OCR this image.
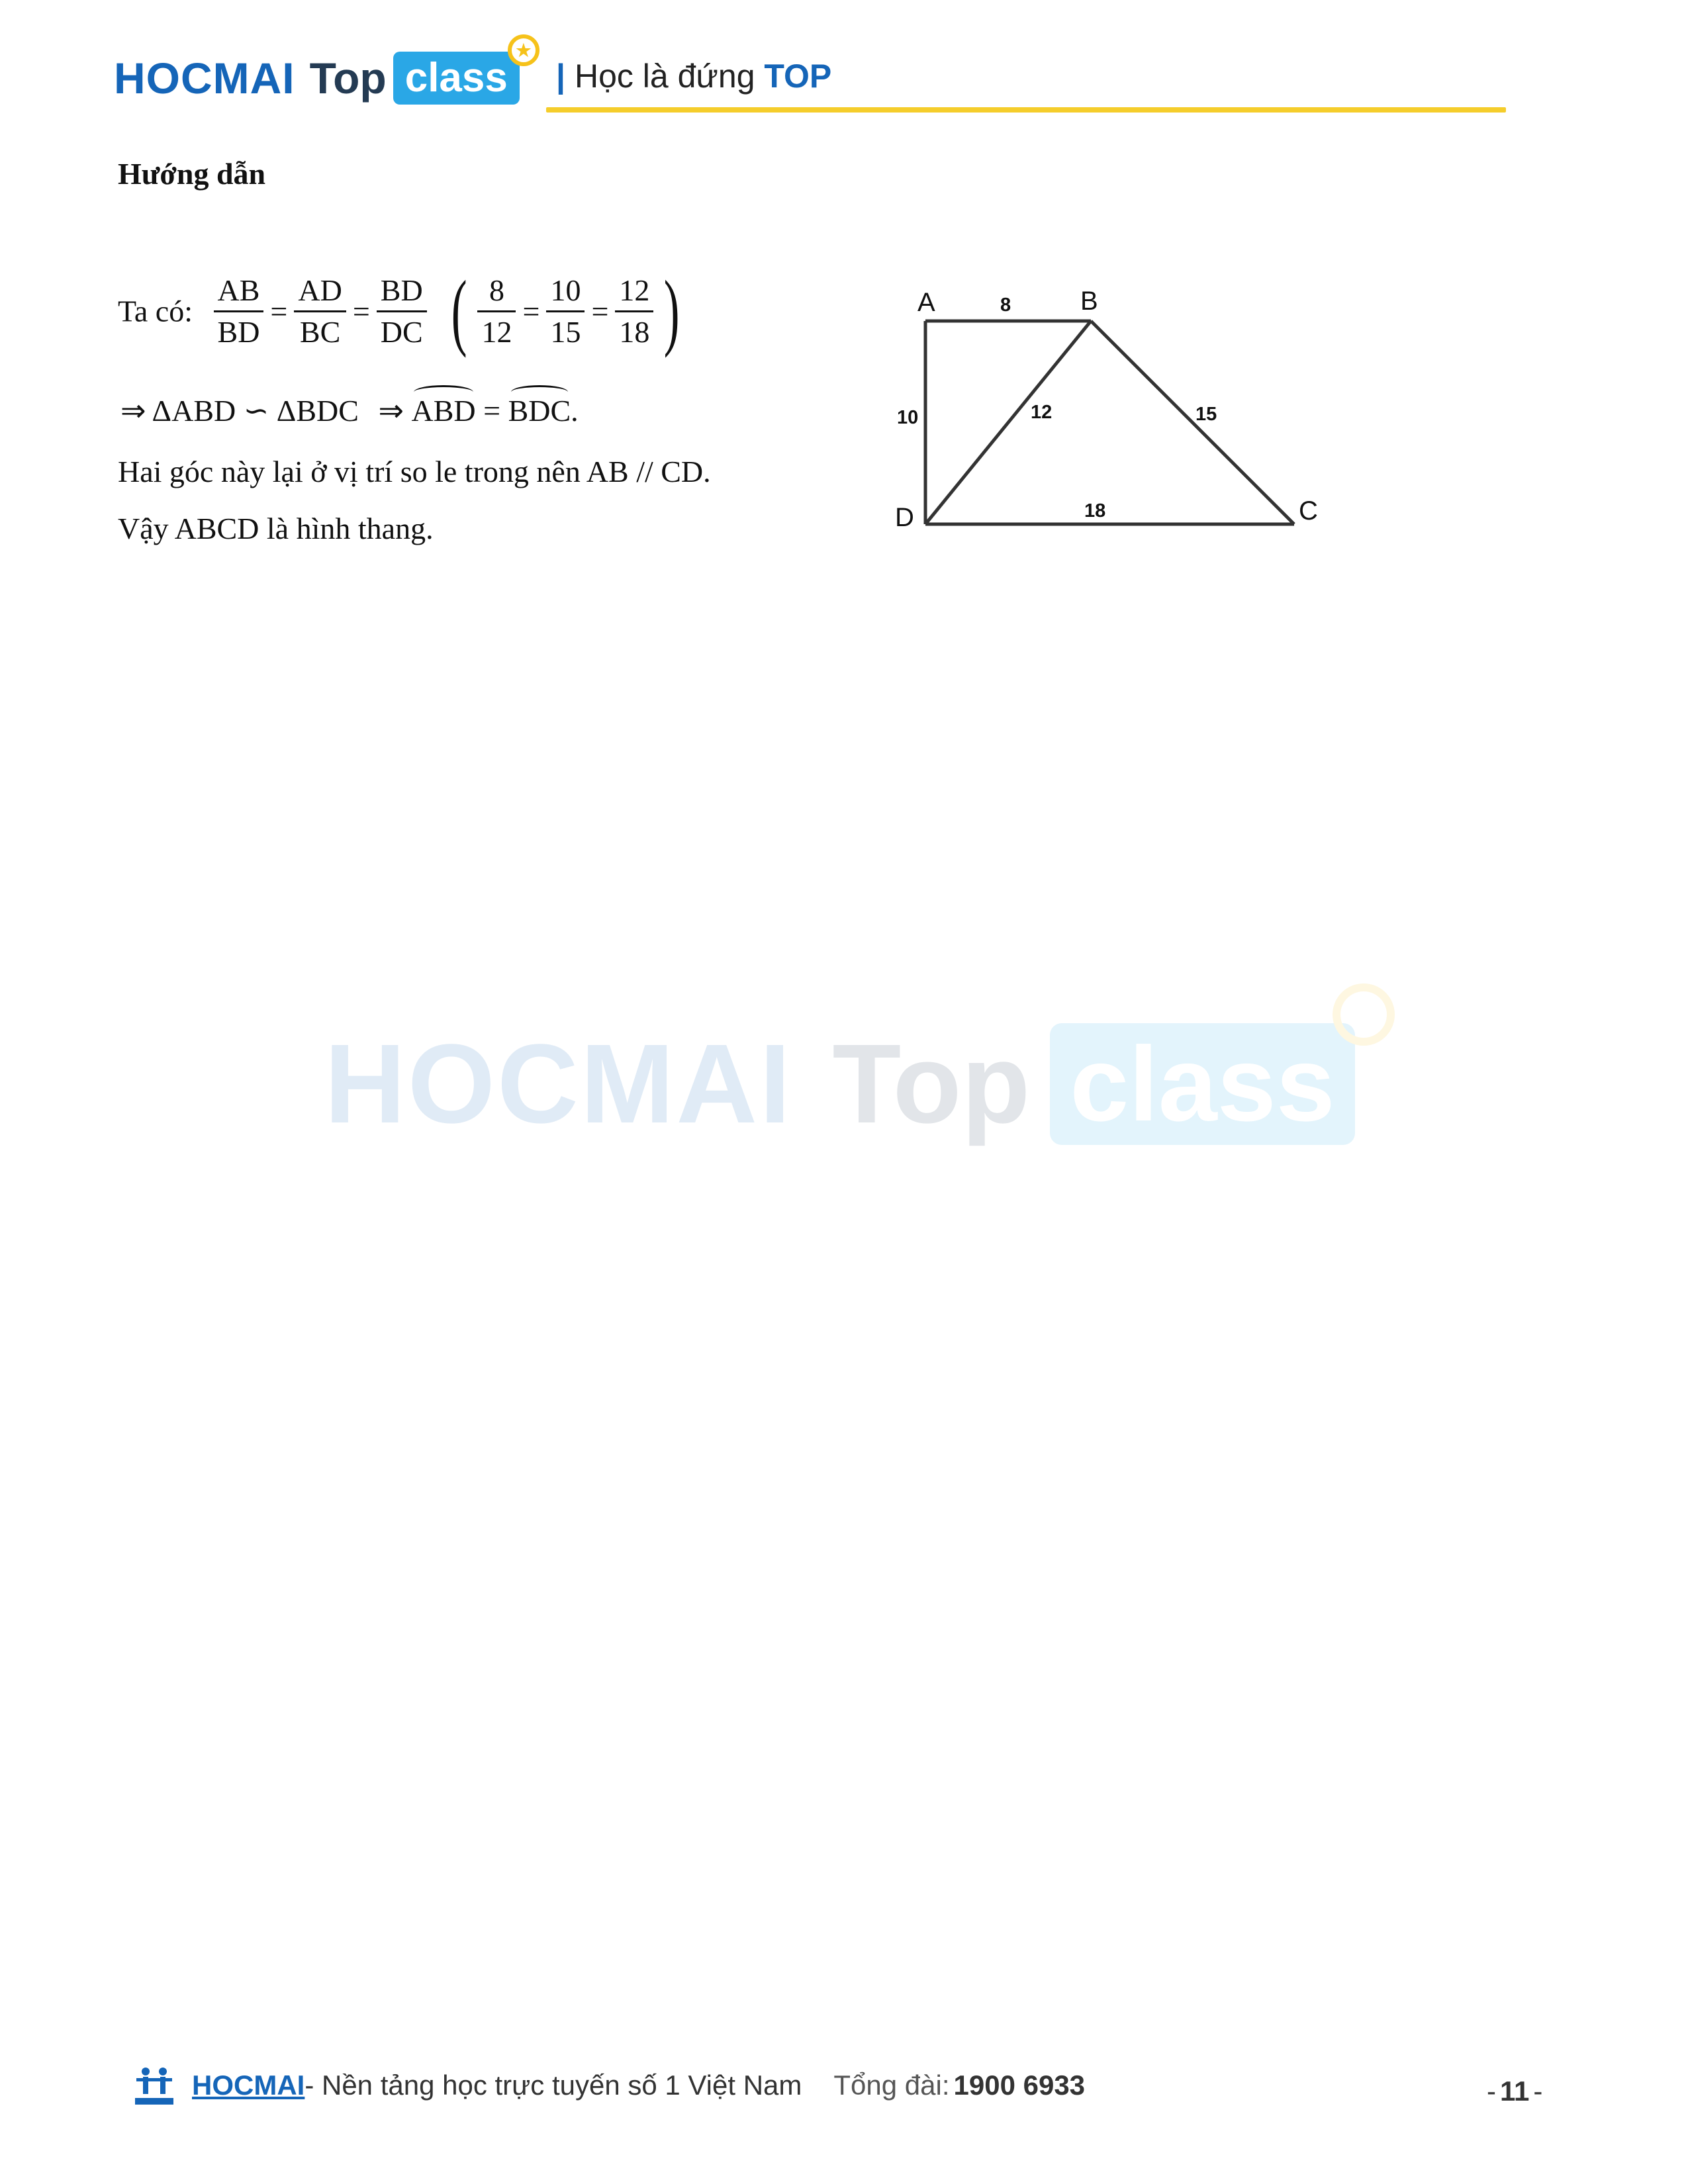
HOCMAI Top class
★
| Học là đứng TOP
Hướng dẫn
Ta có: $\frac{AB}{BD} = \frac{AD}{BC} = \frac{BD}{DC}$ ( $\frac{8}{12} = \frac{10}{15} = \frac{12}{18}$ )
⇒ ΔABD ∽ ΔBDC ⇒ ABD = BDC.
Hai góc này lại ở vị trí so le trong nên AB // CD.
Vậy ABCD là hình thang.
A	B
C
D
8
10	12	15
18
HOCMAI Top class
HOCMAI - Nền tảng học trực tuyến số 1 Việt Nam Tổng đài: 1900 6933	- 11 -
